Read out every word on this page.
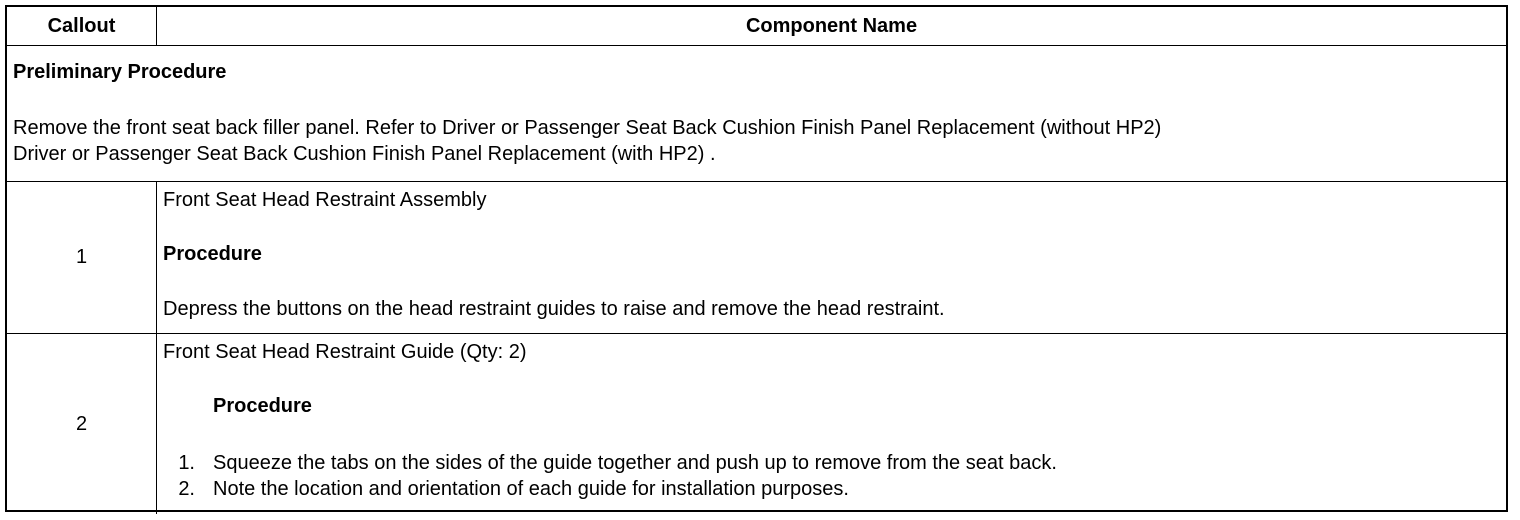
Callout	Component Name
Preliminary Procedure
Remove the front seat back filler panel. Refer to Driver or Passenger Seat Back Cushion Finish Panel Replacement (without HP2)
Driver or Passenger Seat Back Cushion Finish Panel Replacement (with HP2) .
1
Front Seat Head Restraint Assembly
Procedure
Depress the buttons on the head restraint guides to raise and remove the head restraint.
2
Front Seat Head Restraint Guide (Qty: 2)
Procedure
1. Squeeze the tabs on the sides of the guide together and push up to remove from the seat back.
2. Note the location and orientation of each guide for installation purposes.
